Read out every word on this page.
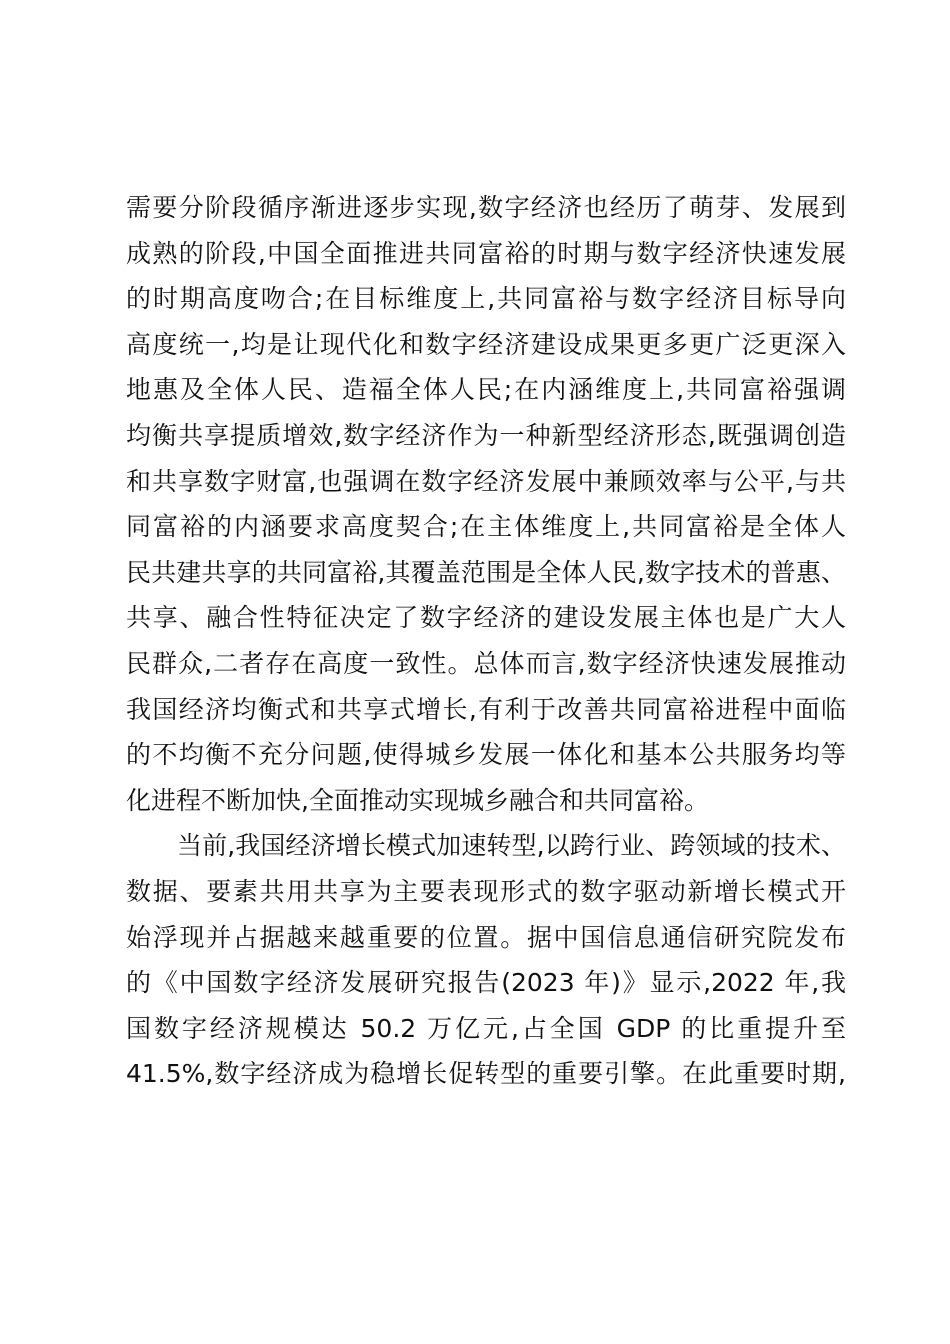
需要分阶段循序渐进逐步实现,数字经济也经历了萌芽、发展到
成熟的阶段,中国全面推进共同富裕的时期与数字经济快速发展
的时期高度吻合;在目标维度上,共同富裕与数字经济目标导向
高度统一,均是让现代化和数字经济建设成果更多更广泛更深入
地惠及全体人民、造福全体人民;在内涵维度上,共同富裕强调
均衡共享提质增效,数字经济作为一种新型经济形态,既强调创造
和共享数字财富,也强调在数字经济发展中兼顾效率与公平,与共
同富裕的内涵要求高度契合;在主体维度上,共同富裕是全体人
民共建共享的共同富裕,其覆盖范围是全体人民,数字技术的普惠、
共享、融合性特征决定了数字经济的建设发展主体也是广大人
民群众,二者存在高度一致性。总体而言,数字经济快速发展推动
我国经济均衡式和共享式增长,有利于改善共同富裕进程中面临
的不均衡不充分问题,使得城乡发展一体化和基本公共服务均等
化进程不断加快,全面推动实现城乡融合和共同富裕。
当前,我国经济增长模式加速转型,以跨行业、跨领域的技术、
数据、要素共用共享为主要表现形式的数字驱动新增长模式开
始浮现并占据越来越重要的位置。据中国信息通信研究院发布
的《中国数字经济发展研究报告(2023 年)》显示,2022 年,我
国数字经济规模达 50.2 万亿元,占全国 GDP 的比重提升至
41.5%,数字经济成为稳增长促转型的重要引擎。在此重要时期,
